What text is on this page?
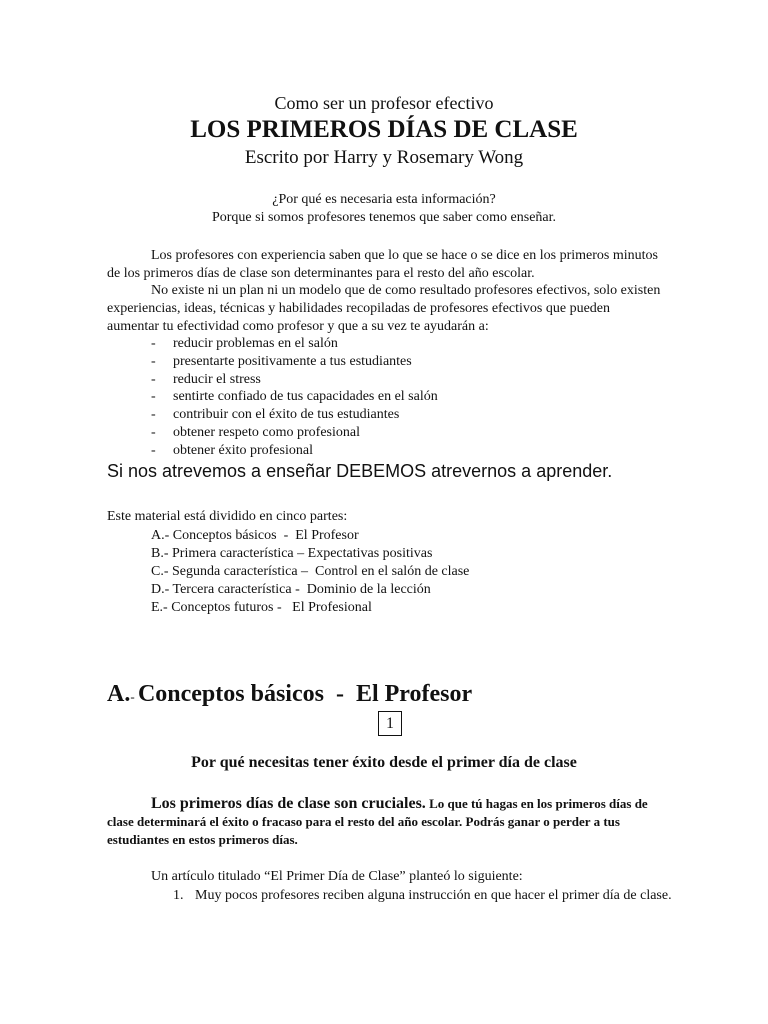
Como ser un profesor efectivo
LOS PRIMEROS DÍAS DE CLASE
Escrito por Harry y Rosemary Wong
¿Por qué es necesaria esta información?
Porque si somos profesores tenemos que saber como enseñar.
Los profesores con experiencia saben que lo que se hace o se dice en los primeros minutos de los primeros días de clase son determinantes para el resto del año escolar.
No existe ni un plan ni un modelo que de como resultado profesores efectivos, solo existen experiencias, ideas, técnicas y habilidades recopiladas de profesores efectivos que pueden aumentar tu efectividad como profesor y que a su vez te ayudarán a:
-	reducir problemas en el salón
-	presentarte positivamente a tus estudiantes
-	reducir el stress
-	sentirte confiado de tus capacidades en el salón
-	contribuir con el éxito de tus estudiantes
-	obtener respeto como profesional
-	obtener éxito profesional
Si nos atrevemos a enseñar DEBEMOS atrevernos a aprender.
Este material está dividido en cinco partes:
A.- Conceptos básicos  -  El Profesor
B.- Primera característica – Expectativas positivas
C.- Segunda característica –  Control en el salón de clase
D.- Tercera característica -  Dominio de la lección
E.- Conceptos futuros -   El Profesional
A.- Conceptos básicos  -  El Profesor
1
Por qué necesitas tener éxito desde el primer día de clase
Los primeros días de clase son cruciales. Lo que tú hagas en los primeros días de clase determinará el éxito o fracaso para el resto del año escolar. Podrás ganar o perder a tus estudiantes en estos primeros días.
Un artículo titulado “El Primer Día de Clase” planteó lo siguiente:
1. Muy pocos profesores reciben alguna instrucción en que hacer el primer día de clase.
